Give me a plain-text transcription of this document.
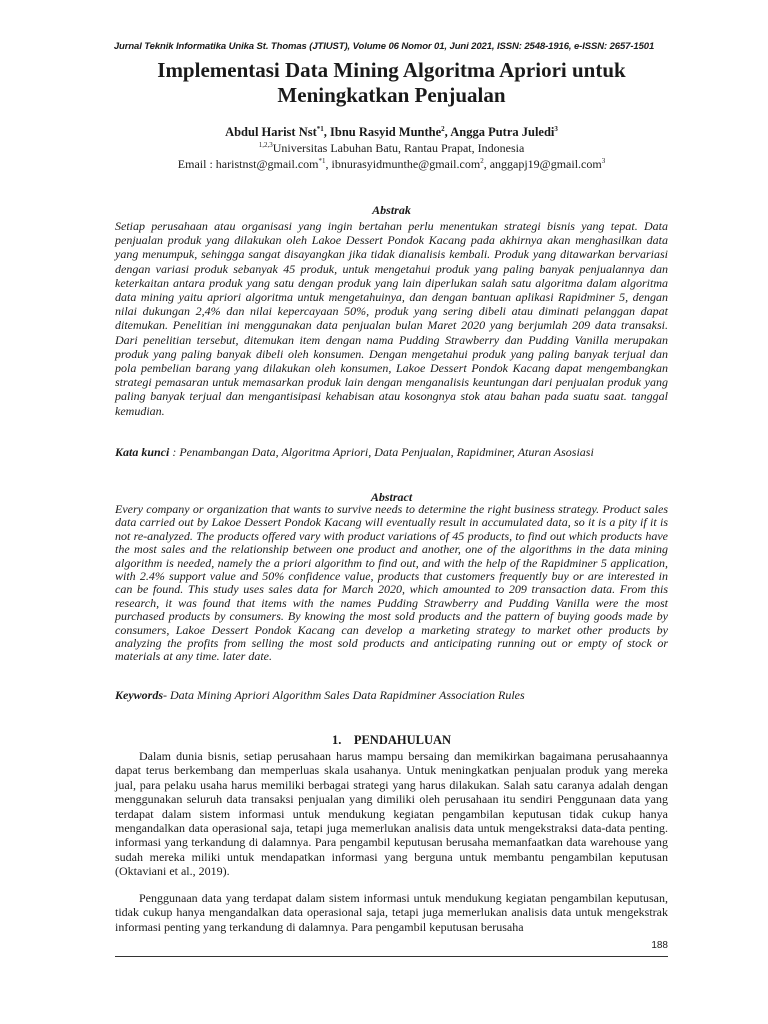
Jurnal Teknik Informatika Unika St. Thomas (JTIUST), Volume 06 Nomor 01, Juni 2021, ISSN: 2548-1916, e-ISSN: 2657-1501
Implementasi Data Mining Algoritma Apriori untuk
Meningkatkan Penjualan
Abdul Harist Nst$^{*1}$, Ibnu Rasyid Munthe$^2$, Angga Putra Juledi$^3$
$^{1,2,3}$Universitas Labuhan Batu, Rantau Prapat, Indonesia
Email : haristnst@gmail.com$^{*1}$, ibnurasyidmunthe@gmail.com$^2$, anggapj19@gmail.com$^3$
Abstrak
Setiap perusahaan atau organisasi yang ingin bertahan perlu menentukan strategi bisnis yang tepat. Data penjualan produk yang dilakukan oleh Lakoe Dessert Pondok Kacang pada akhirnya akan menghasilkan data yang menumpuk, sehingga sangat disayangkan jika tidak dianalisis kembali. Produk yang ditawarkan bervariasi dengan variasi produk sebanyak 45 produk, untuk mengetahui produk yang paling banyak penjualannya dan keterkaitan antara produk yang satu dengan produk yang lain diperlukan salah satu algoritma dalam algoritma data mining yaitu apriori algoritma untuk mengetahuinya, dan dengan bantuan aplikasi Rapidminer 5, dengan nilai dukungan 2,4% dan nilai kepercayaan 50%, produk yang sering dibeli atau diminati pelanggan dapat ditemukan. Penelitian ini menggunakan data penjualan bulan Maret 2020 yang berjumlah 209 data transaksi. Dari penelitian tersebut, ditemukan item dengan nama Pudding Strawberry dan Pudding Vanilla merupakan produk yang paling banyak dibeli oleh konsumen. Dengan mengetahui produk yang paling banyak terjual dan pola pembelian barang yang dilakukan oleh konsumen, Lakoe Dessert Pondok Kacang dapat mengembangkan strategi pemasaran untuk memasarkan produk lain dengan menganalisis keuntungan dari penjualan produk yang paling banyak terjual dan mengantisipasi kehabisan atau kosongnya stok atau bahan pada suatu saat. tanggal kemudian.
Kata kunci : Penambangan Data, Algoritma Apriori, Data Penjualan, Rapidminer, Aturan Asosiasi
Abstract
Every company or organization that wants to survive needs to determine the right business strategy. Product sales data carried out by Lakoe Dessert Pondok Kacang will eventually result in accumulated data, so it is a pity if it is not re-analyzed. The products offered vary with product variations of 45 products, to find out which products have the most sales and the relationship between one product and another, one of the algorithms in the data mining algorithm is needed, namely the a priori algorithm to find out, and with the help of the Rapidminer 5 application, with 2.4% support value and 50% confidence value, products that customers frequently buy or are interested in can be found. This study uses sales data for March 2020, which amounted to 209 transaction data. From this research, it was found that items with the names Pudding Strawberry and Pudding Vanilla were the most purchased products by consumers. By knowing the most sold products and the pattern of buying goods made by consumers, Lakoe Dessert Pondok Kacang can develop a marketing strategy to market other products by analyzing the profits from selling the most sold products and anticipating running out or empty of stock or materials at any time. later date.
Keywords- Data Mining Apriori Algorithm Sales Data Rapidminer Association Rules
1.    PENDAHULUAN
Dalam dunia bisnis, setiap perusahaan harus mampu bersaing dan memikirkan bagaimana perusahaannya dapat terus berkembang dan memperluas skala usahanya. Untuk meningkatkan penjualan produk yang mereka jual, para pelaku usaha harus memiliki berbagai strategi yang harus dilakukan. Salah satu caranya adalah dengan menggunakan seluruh data transaksi penjualan yang dimiliki oleh perusahaan itu sendiri Penggunaan data yang terdapat dalam sistem informasi untuk mendukung kegiatan pengambilan keputusan tidak cukup hanya mengandalkan data operasional saja, tetapi juga memerlukan analisis data untuk mengekstraksi data-data penting. informasi yang terkandung di dalamnya. Para pengambil keputusan berusaha memanfaatkan data warehouse yang sudah mereka miliki untuk mendapatkan informasi yang berguna untuk membantu pengambilan keputusan (Oktaviani et al., 2019).
Penggunaan data yang terdapat dalam sistem informasi untuk mendukung kegiatan pengambilan keputusan, tidak cukup hanya mengandalkan data operasional saja, tetapi juga memerlukan analisis data untuk mengekstrak informasi penting yang terkandung di dalamnya. Para pengambil keputusan berusaha
188
